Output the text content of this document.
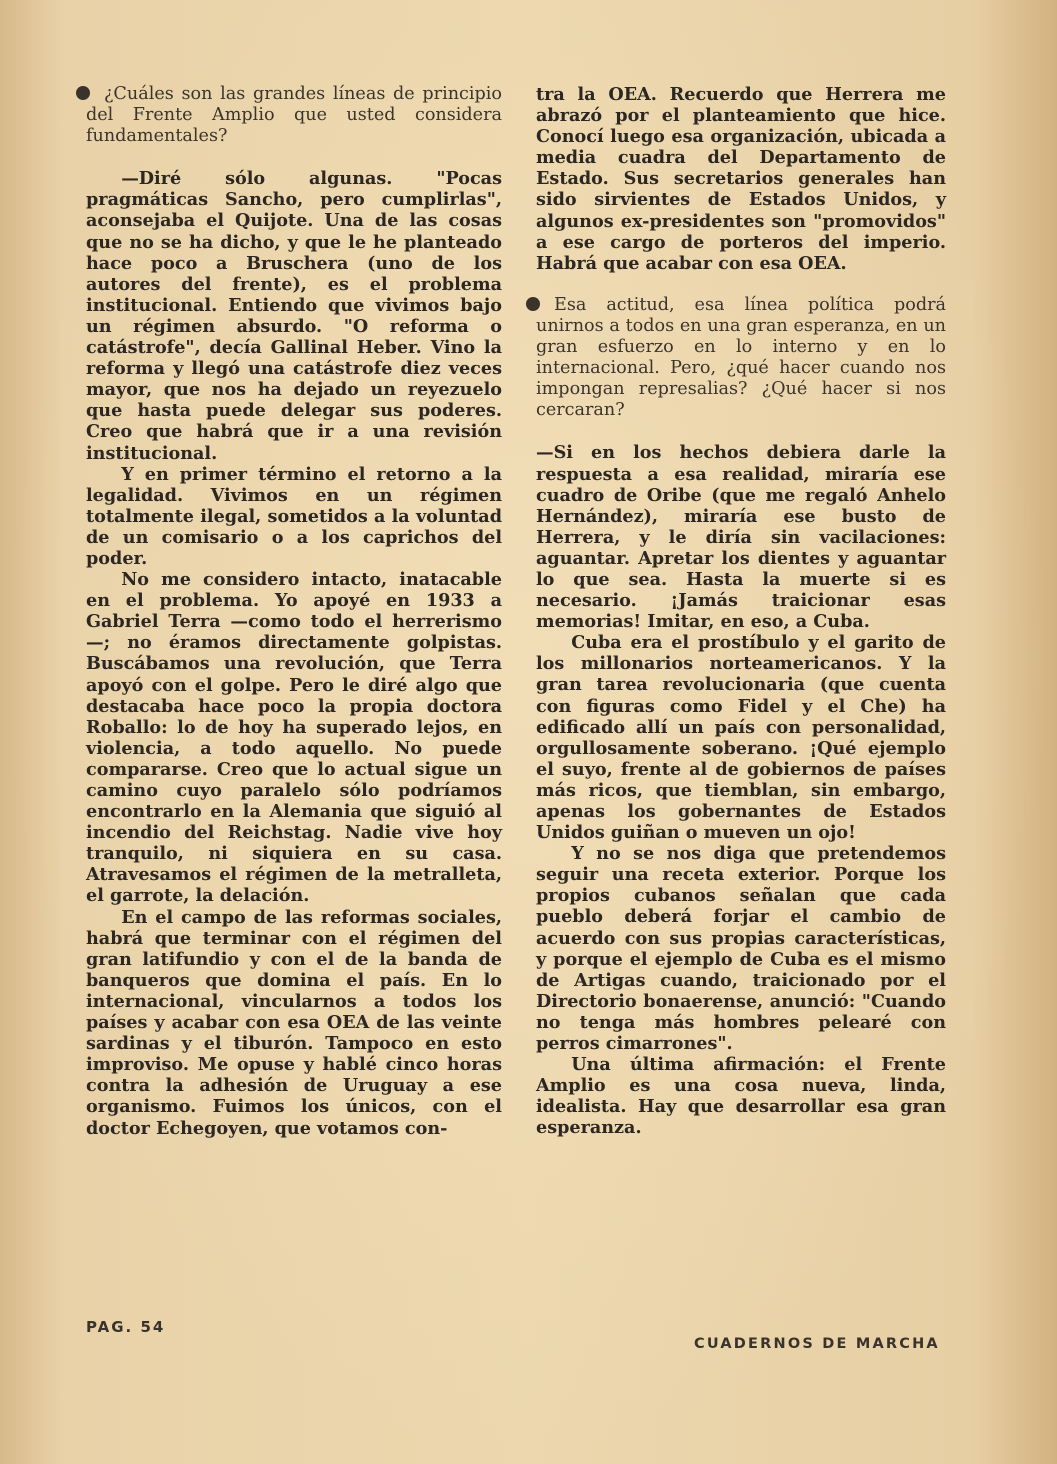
¿Cuáles son las grandes líneas de principio del Frente Amplio que usted considera fundamentales?

—Diré sólo algunas. "Pocas pragmáticas Sancho, pero cumplirlas", aconsejaba el Quijote. Una de las cosas que no se ha dicho, y que le he planteado hace poco a Bruschera (uno de los autores del frente), es el problema institucional. Entiendo que vivimos bajo un régimen absurdo. "O reforma o catástrofe", decía Gallinal Heber. Vino la reforma y llegó una catástrofe diez veces mayor, que nos ha dejado un reyezuelo que hasta puede delegar sus poderes. Creo que habrá que ir a una revisión institucional.

Y en primer término el retorno a la legalidad. Vivimos en un régimen totalmente ilegal, sometidos a la voluntad de un comisario o a los caprichos del poder.

No me considero intacto, inatacable en el problema. Yo apoyé en 1933 a Gabriel Terra —como todo el herrerismo—; no éramos directamente golpistas. Buscábamos una revolución, que Terra apoyó con el golpe. Pero le diré algo que destacaba hace poco la propia doctora Roballo: lo de hoy ha superado lejos, en violencia, a todo aquello. No puede compararse. Creo que lo actual sigue un camino cuyo paralelo sólo podríamos encontrarlo en la Alemania que siguió al incendio del Reichstag. Nadie vive hoy tranquilo, ni siquiera en su casa. Atravesamos el régimen de la metralleta, el garrote, la delación.

En el campo de las reformas sociales, habrá que terminar con el régimen del gran latifundio y con el de la banda de banqueros que domina el país. En lo internacional, vincularnos a todos los países y acabar con esa OEA de las veinte sardinas y el tiburón. Tampoco en esto improviso. Me opuse y hablé cinco horas contra la adhesión de Uruguay a ese organismo. Fuimos los únicos, con el doctor Echegoyen, que votamos con-

tra la OEA. Recuerdo que Herrera me abrazó por el planteamiento que hice. Conocí luego esa organización, ubicada a media cuadra del Departamento de Estado. Sus secretarios generales han sido sirvientes de Estados Unidos, y algunos ex-presidentes son "promovidos" a ese cargo de porteros del imperio. Habrá que acabar con esa OEA.

Esa actitud, esa línea política podrá unirnos a todos en una gran esperanza, en un gran esfuerzo en lo interno y en lo internacional. Pero, ¿qué hacer cuando nos impongan represalias? ¿Qué hacer si nos cercaran?

—Si en los hechos debiera darle la respuesta a esa realidad, miraría ese cuadro de Oribe (que me regaló Anhelo Hernández), miraría ese busto de Herrera, y le diría sin vacilaciones: aguantar. Apretar los dientes y aguantar lo que sea. Hasta la muerte si es necesario. ¡Jamás traicionar esas memorias! Imitar, en eso, a Cuba.

Cuba era el prostíbulo y el garito de los millonarios norteamericanos. Y la gran tarea revolucionaria (que cuenta con figuras como Fidel y el Che) ha edificado allí un país con personalidad, orgullosamente soberano. ¡Qué ejemplo el suyo, frente al de gobiernos de países más ricos, que tiemblan, sin embargo, apenas los gobernantes de Estados Unidos guiñan o mueven un ojo!

Y no se nos diga que pretendemos seguir una receta exterior. Porque los propios cubanos señalan que cada pueblo deberá forjar el cambio de acuerdo con sus propias características, y porque el ejemplo de Cuba es el mismo de Artigas cuando, traicionado por el Directorio bonaerense, anunció: "Cuando no tenga más hombres pelearé con perros cimarrones".

Una última afirmación: el Frente Amplio es una cosa nueva, linda, idealista. Hay que desarrollar esa gran esperanza.

PAG. 54
CUADERNOS DE MARCHA
